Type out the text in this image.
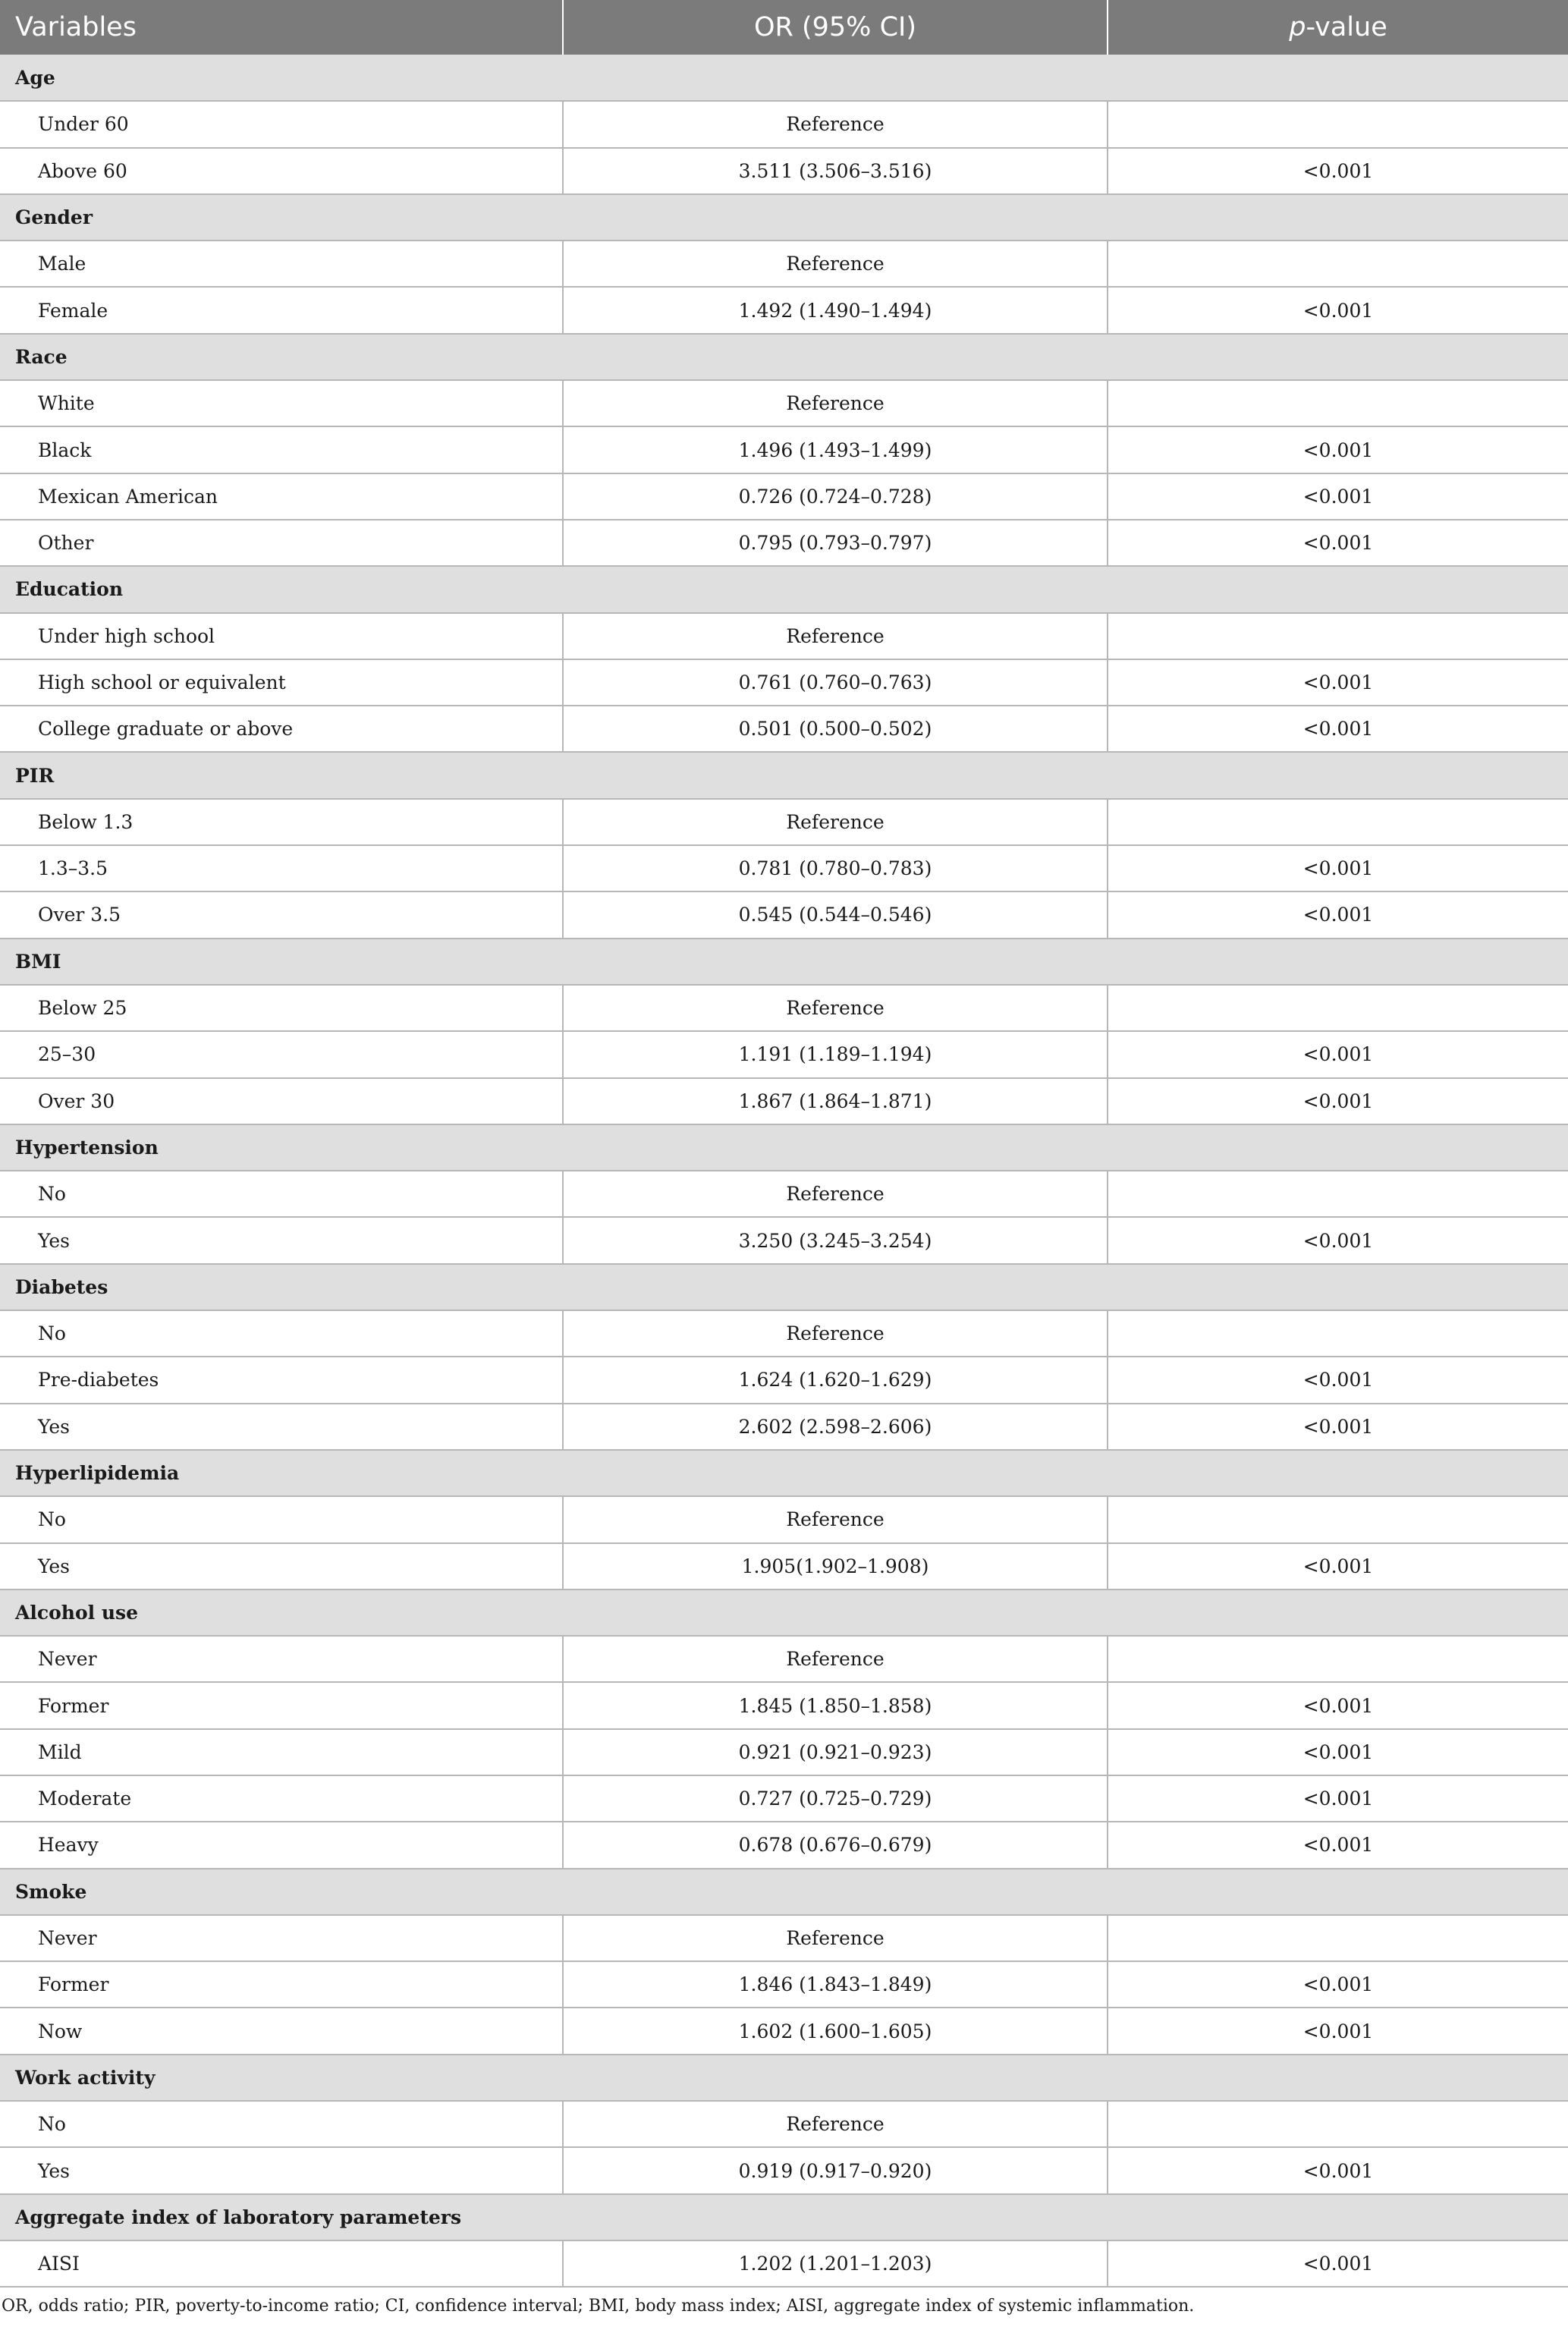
Variables	OR (95% CI)	p-value
Age		
Under 60	Reference	
Above 60	3.511 (3.506–3.516)	<0.001
Gender		
Male	Reference	
Female	1.492 (1.490–1.494)	<0.001
Race		
White	Reference	
Black	1.496 (1.493–1.499)	<0.001
Mexican American	0.726 (0.724–0.728)	<0.001
Other	0.795 (0.793–0.797)	<0.001
Education		
Under high school	Reference	
High school or equivalent	0.761 (0.760–0.763)	<0.001
College graduate or above	0.501 (0.500–0.502)	<0.001
PIR		
Below 1.3	Reference	
1.3–3.5	0.781 (0.780–0.783)	<0.001
Over 3.5	0.545 (0.544–0.546)	<0.001
BMI		
Below 25	Reference	
25–30	1.191 (1.189–1.194)	<0.001
Over 30	1.867 (1.864–1.871)	<0.001
Hypertension		
No	Reference	
Yes	3.250 (3.245–3.254)	<0.001
Diabetes		
No	Reference	
Pre-diabetes	1.624 (1.620–1.629)	<0.001
Yes	2.602 (2.598–2.606)	<0.001
Hyperlipidemia		
No	Reference	
Yes	1.905(1.902–1.908)	<0.001
Alcohol use		
Never	Reference	
Former	1.845 (1.850–1.858)	<0.001
Mild	0.921 (0.921–0.923)	<0.001
Moderate	0.727 (0.725–0.729)	<0.001
Heavy	0.678 (0.676–0.679)	<0.001
Smoke		
Never	Reference	
Former	1.846 (1.843–1.849)	<0.001
Now	1.602 (1.600–1.605)	<0.001
Work activity		
No	Reference	
Yes	0.919 (0.917–0.920)	<0.001
Aggregate index of laboratory parameters		
AISI	1.202 (1.201–1.203)	<0.001
OR, odds ratio; PIR, poverty-to-income ratio; CI, confidence interval; BMI, body mass index; AISI, aggregate index of systemic inflammation.
